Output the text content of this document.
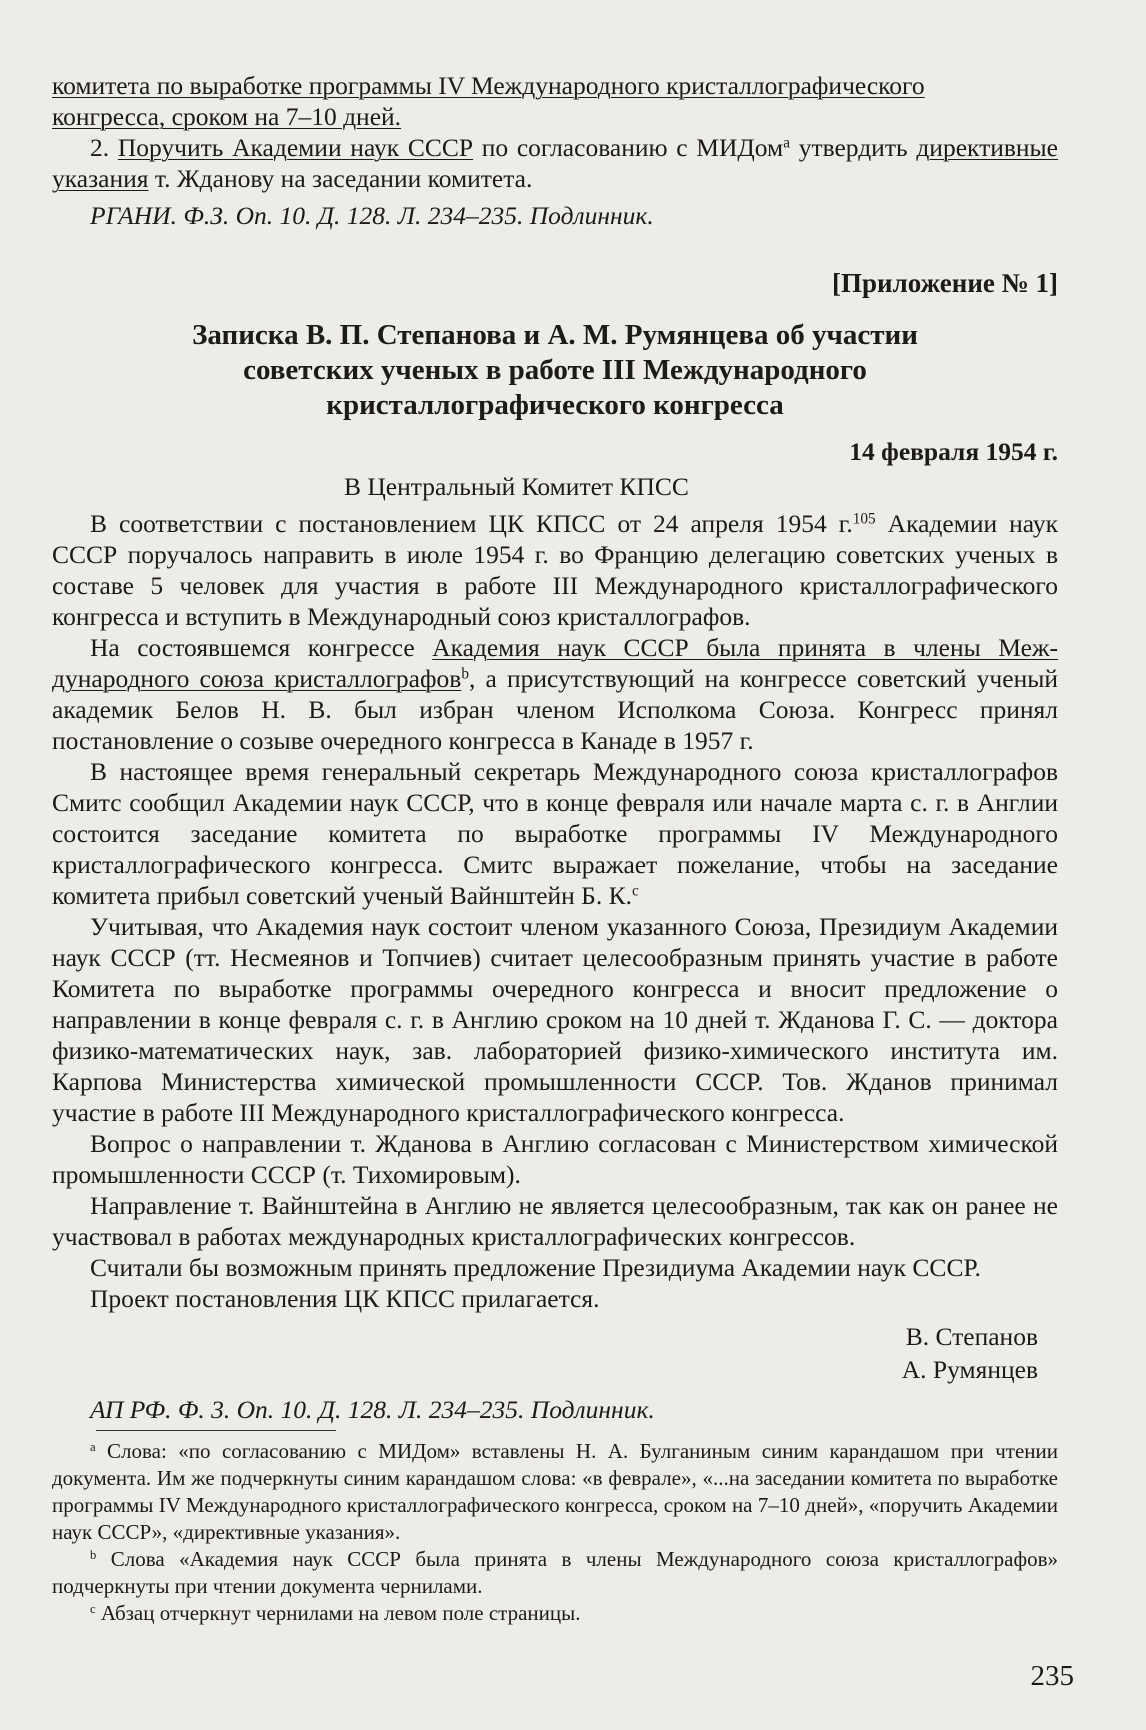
комитета по выработке программы IV Международного кристаллографического

конгресса, сроком на 7–10 дней.

2. Поручить Академии наук СССР по согласованию с МИДом$^a$ утвердить директивные указания т. Жданову на заседании комитета.

РГАНИ. Ф.З. Оп. 10. Д. 128. Л. 234–235. Подлинник.

[Приложение № 1]

Записка В. П. Степанова и А. М. Румянцева об участии

советских ученых в работе III Международного

кристаллографического конгресса

14 февраля 1954 г.

В Центральный Комитет КПСС

В соответствии с постановлением ЦК КПСС от 24 апреля 1954 г.$^{105}$ Академии наук СССР поручалось направить в июле 1954 г. во Францию делегацию советских ученых в составе 5 человек для участия в работе III Международного кристаллографического конгресса и вступить в Международный союз кристаллографов.

На состоявшемся конгрессе Академия наук СССР была принята в члены Международного союза кристаллографов$^b$, а присутствующий на конгрессе советский ученый академик Белов Н. В. был избран членом Исполкома Союза. Конгресс принял постановление о созыве очередного конгресса в Канаде в 1957 г.

В настоящее время генеральный секретарь Международного союза кристаллографов Смитс сообщил Академии наук СССР, что в конце февраля или начале марта с. г. в Англии состоится заседание комитета по выработке программы IV Международного кристаллографического конгресса. Смитс выражает пожелание, чтобы на заседание комитета прибыл советский ученый Вайнштейн Б. К.$^c$

Учитывая, что Академия наук состоит членом указанного Союза, Президиум Академии наук СССР (тт. Несмеянов и Топчиев) считает целесообразным принять участие в работе Комитета по выработке программы очередного конгресса и вносит предложение о направлении в конце февраля с. г. в Англию сроком на 10 дней т. Жданова Г. С. — доктора физико-математических наук, зав. лабораторией физико-химического института им. Карпова Министерства химической промышленности СССР. Тов. Жданов принимал участие в работе III Международного кристаллографического конгресса.

Вопрос о направлении т. Жданова в Англию согласован с Министерством химической промышленности СССР (т. Тихомировым).

Направление т. Вайнштейна в Англию не является целесообразным, так как он ранее не участвовал в работах международных кристаллографических конгрессов.

Считали бы возможным принять предложение Президиума Академии наук СССР.

Проект постановления ЦК КПСС прилагается.

В. Степанов

А. Румянцев

АП РФ. Ф. 3. Оп. 10. Д. 128. Л. 234–235. Подлинник.

$^a$ Слова: «по согласованию с МИДом» вставлены Н. А. Булганиным синим карандашом при чтении документа. Им же подчеркнуты синим карандашом слова: «в феврале», «...на заседании комитета по выработке программы IV Международного кристаллографического конгресса, сроком на 7–10 дней», «поручить Академии наук СССР», «директивные указания».

$^b$ Слова «Академия наук СССР была принята в члены Международного союза кристаллографов» подчеркнуты при чтении документа чернилами.

$^c$ Абзац отчеркнут чернилами на левом поле страницы.

235
